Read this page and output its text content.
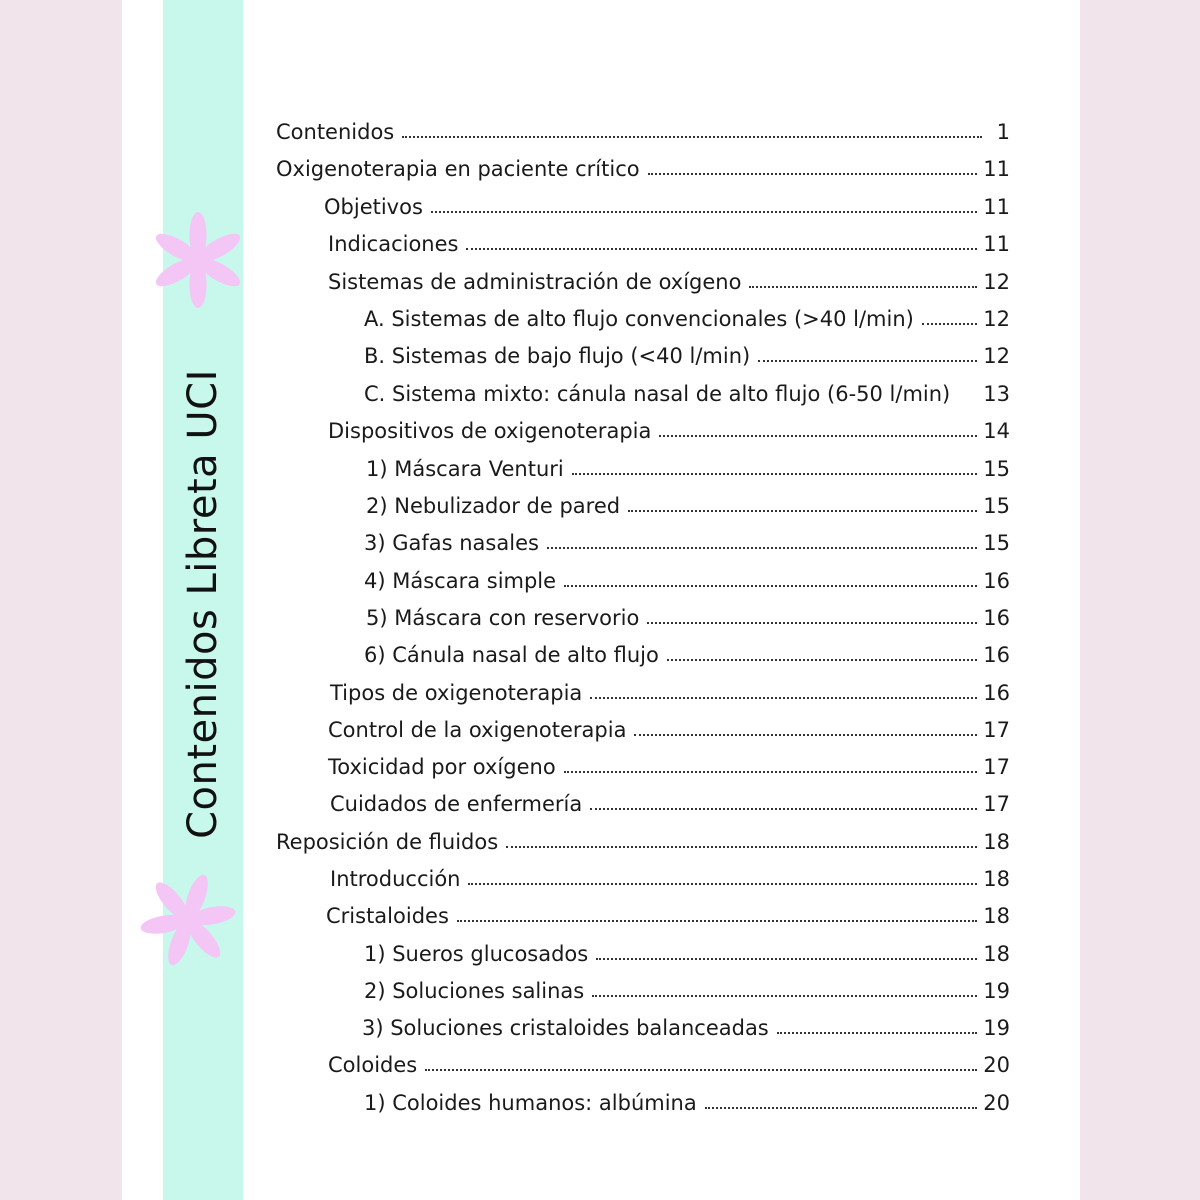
Contenidos Libreta UCI
Contenidos	1
Oxigenoterapia en paciente crítico	11
Objetivos	11
Indicaciones	11
Sistemas de administración de oxígeno	12
A. Sistemas de alto flujo convencionales (>40 l/min)	12
B. Sistemas de bajo flujo (<40 l/min)	12
C. Sistema mixto: cánula nasal de alto flujo (6-50 l/min) 13
Dispositivos de oxigenoterapia	14
1) Máscara Venturi	15
2) Nebulizador de pared	15
3) Gafas nasales	15
4) Máscara simple	16
5) Máscara con reservorio	16
6) Cánula nasal de alto flujo	16
Tipos de oxigenoterapia	16
Control de la oxigenoterapia	17
Toxicidad por oxígeno	17
Cuidados de enfermería	17
Reposición de fluidos	18
Introducción	18
Cristaloides	18
1) Sueros glucosados	18
2) Soluciones salinas	19
3) Soluciones cristaloides balanceadas	19
Coloides	20
1) Coloides humanos: albúmina	20
